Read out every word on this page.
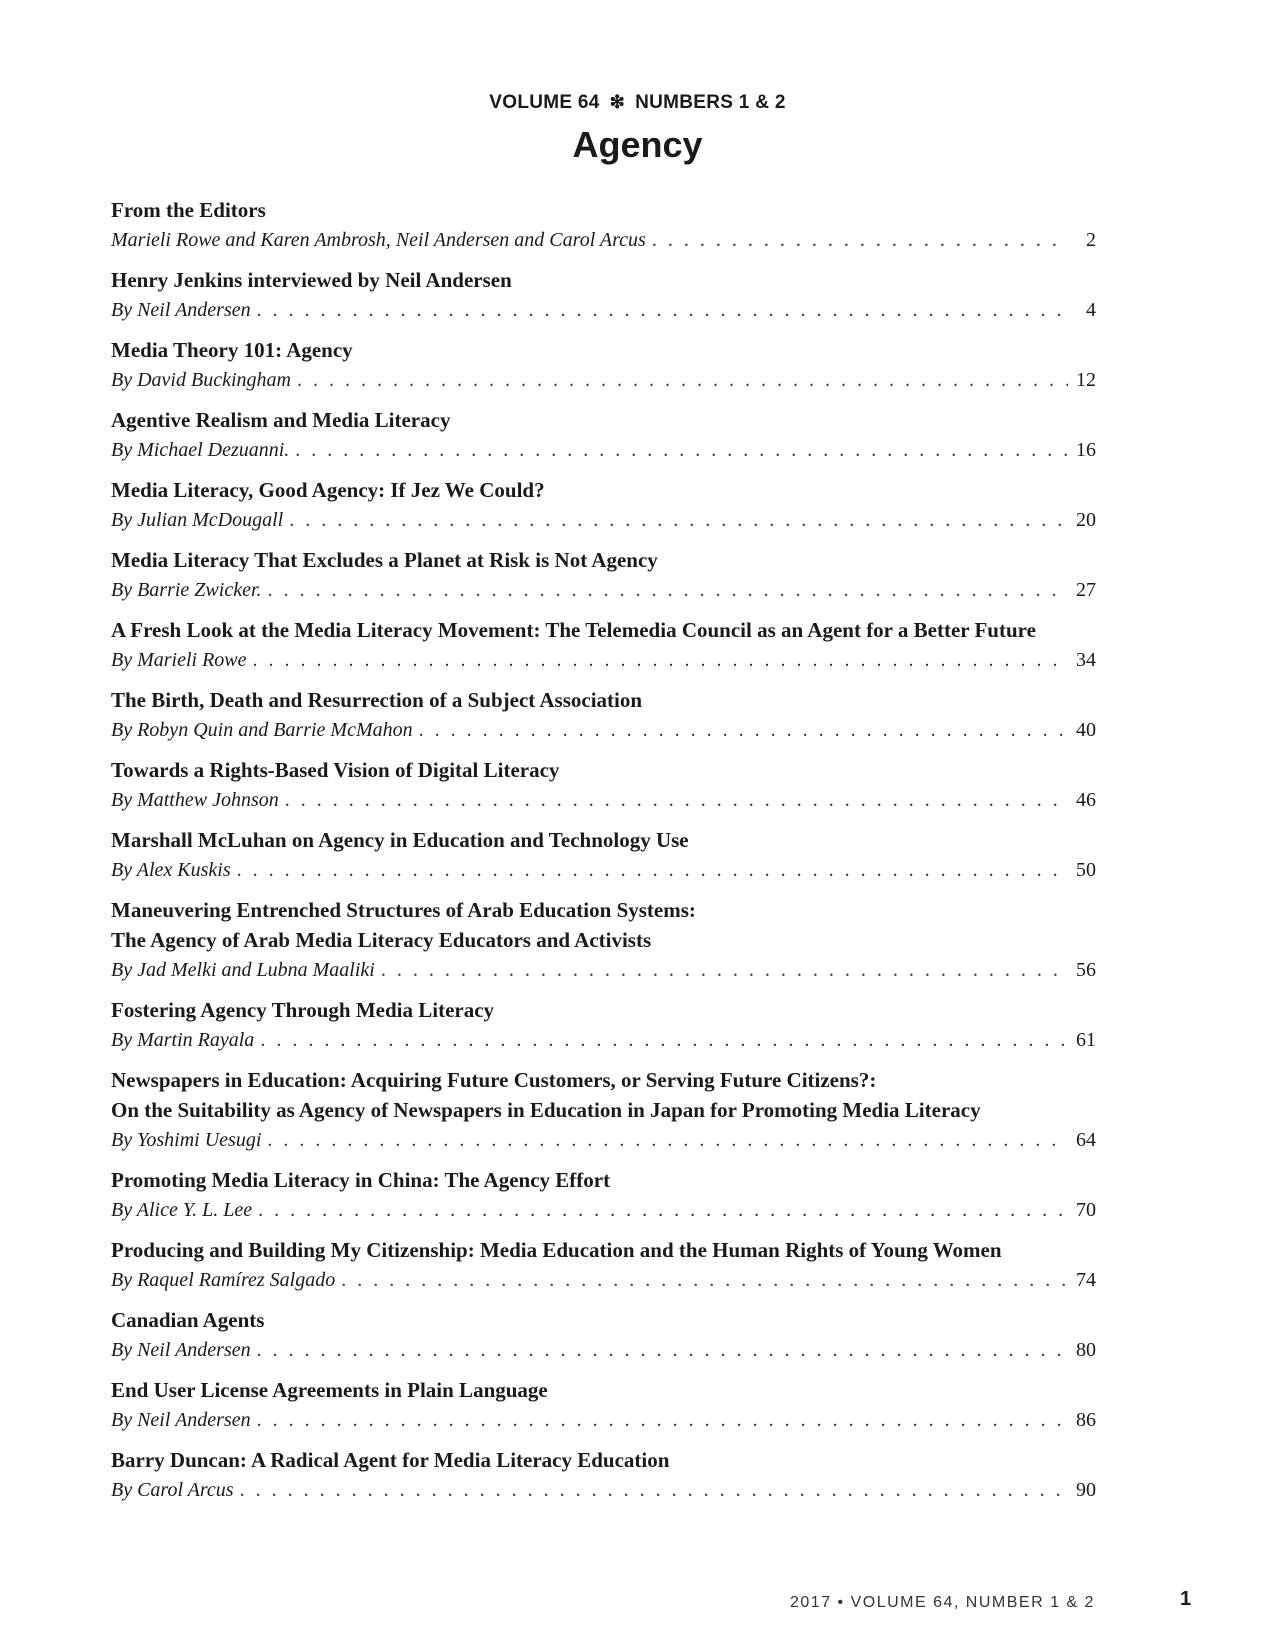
VOLUME 64 ❇ NUMBERS 1 & 2
Agency
From the Editors
Marieli Rowe and Karen Ambrosh, Neil Andersen and Carol Arcus . . .	2
Henry Jenkins interviewed by Neil Andersen
By Neil Andersen . . .	4
Media Theory 101: Agency
By David Buckingham . . .	12
Agentive Realism and Media Literacy
By Michael Dezuanni. . . .	16
Media Literacy, Good Agency: If Jez We Could?
By Julian McDougall . . .	20
Media Literacy That Excludes a Planet at Risk is Not Agency
By Barrie Zwicker. . . .	27
A Fresh Look at the Media Literacy Movement: The Telemedia Council as an Agent for a Better Future
By Marieli Rowe . . .	34
The Birth, Death and Resurrection of a Subject Association
By Robyn Quin and Barrie McMahon . . .	40
Towards a Rights-Based Vision of Digital Literacy
By Matthew Johnson . . .	46
Marshall McLuhan on Agency in Education and Technology Use
By Alex Kuskis . . .	50
Maneuvering Entrenched Structures of Arab Education Systems:
The Agency of Arab Media Literacy Educators and Activists
By Jad Melki and Lubna Maaliki . . .	56
Fostering Agency Through Media Literacy
By Martin Rayala . . .	61
Newspapers in Education: Acquiring Future Customers, or Serving Future Citizens?:
On the Suitability as Agency of Newspapers in Education in Japan for Promoting Media Literacy
By Yoshimi Uesugi . . .	64
Promoting Media Literacy in China: The Agency Effort
By Alice Y. L. Lee . . .	70
Producing and Building My Citizenship: Media Education and the Human Rights of Young Women
By Raquel Ramírez Salgado . . .	74
Canadian Agents
By Neil Andersen . . .	80
End User License Agreements in Plain Language
By Neil Andersen . . .	86
Barry Duncan: A Radical Agent for Media Literacy Education
By Carol Arcus . . .	90
2017 • VOLUME 64, NUMBER 1 & 2	1
